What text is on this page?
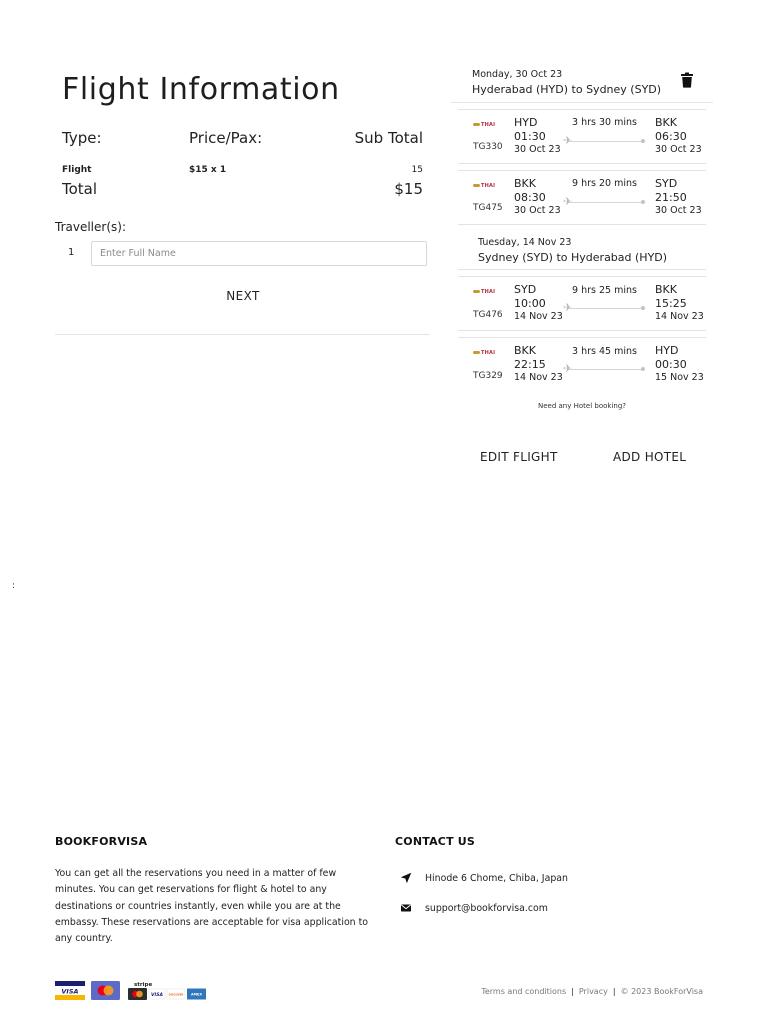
Flight Information
Type:	Price/Pax:	Sub Total
Flight	$15 x 1	15
Total	$15
Traveller(s):
1
Enter Full Name
NEXT
Monday, 30 Oct 23
Hyderabad (HYD) to Sydney (SYD)
THAI
TG330
HYD
01:30
30 Oct 23
3 hrs 30 mins
✈
BKK
06:30
30 Oct 23
THAI
TG475
BKK
08:30
30 Oct 23
9 hrs 20 mins
✈
SYD
21:50
30 Oct 23
Tuesday, 14 Nov 23
Sydney (SYD) to Hyderabad (HYD)
THAI
TG476
SYD
10:00
14 Nov 23
9 hrs 25 mins
✈
BKK
15:25
14 Nov 23
THAI
TG329
BKK
22:15
14 Nov 23
3 hrs 45 mins
✈
HYD
00:30
15 Nov 23
Need any Hotel booking?
EDIT FLIGHT	ADD HOTEL
:
BOOKFORVISA
You can get all the reservations you need in a matter of few minutes. You can get reservations for flight & hotel to any destinations or countries instantly, even while you are at the embassy. These reservations are acceptable for visa application to any country.
CONTACT US
Hinode 6 Chome, Chiba, Japan
support@bookforvisa.com
VISA
stripe
VISA DISCOVER AMEX	Terms and conditions | Privacy | © 2023 BookForVisa
